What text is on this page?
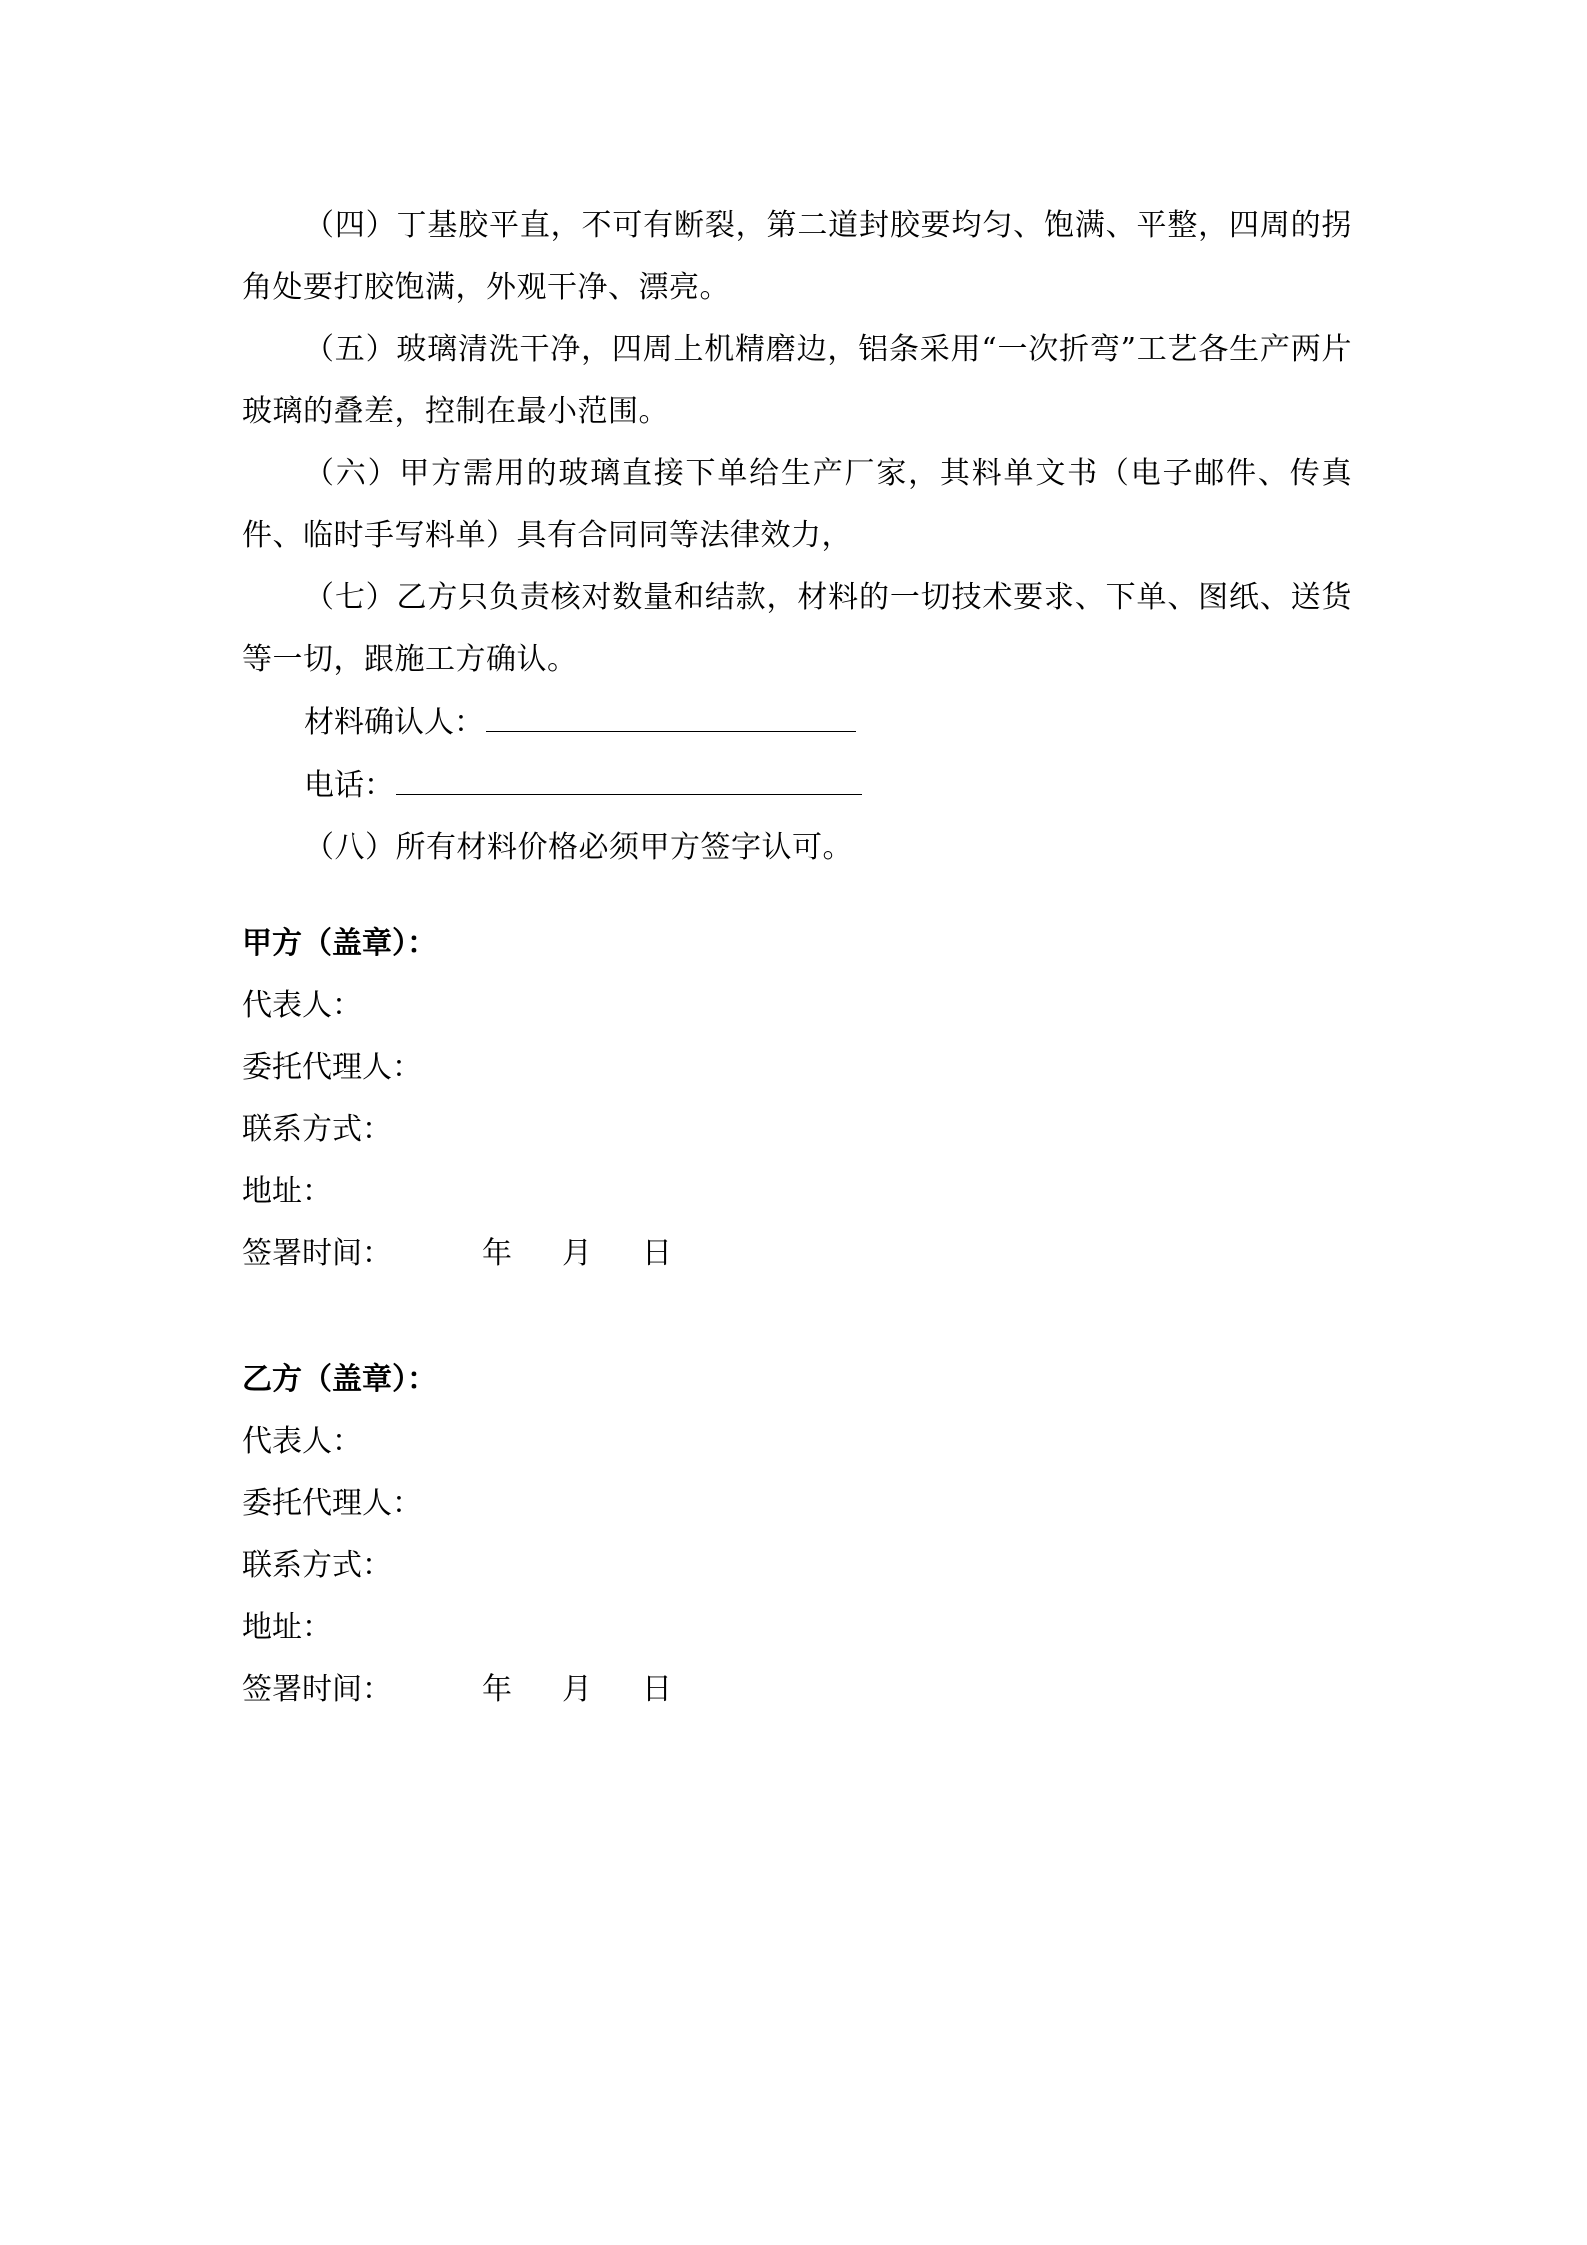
（四）丁基胶平直，不可有断裂，第二道封胶要均匀、饱满、平整，四周的拐角处要打胶饱满，外观干净、漂亮。

（五）玻璃清洗干净，四周上机精磨边，铝条采用“一次折弯”工艺各生产两片玻璃的叠差，控制在最小范围。

（六）甲方需用的玻璃直接下单给生产厂家，其料单文书（电子邮件、传真件、临时手写料单）具有合同同等法律效力，

（七）乙方只负责核对数量和结款，材料的一切技术要求、下单、图纸、送货等一切，跟施工方确认。

材料确认人：

电话：

（八）所有材料价格必须甲方签字认可。

甲方（盖章）：

代表人：

委托代理人：

联系方式：

地址：

签署时间：	年	月	日

乙方（盖章）：

代表人：

委托代理人：

联系方式：

地址：

签署时间：	年	月	日
